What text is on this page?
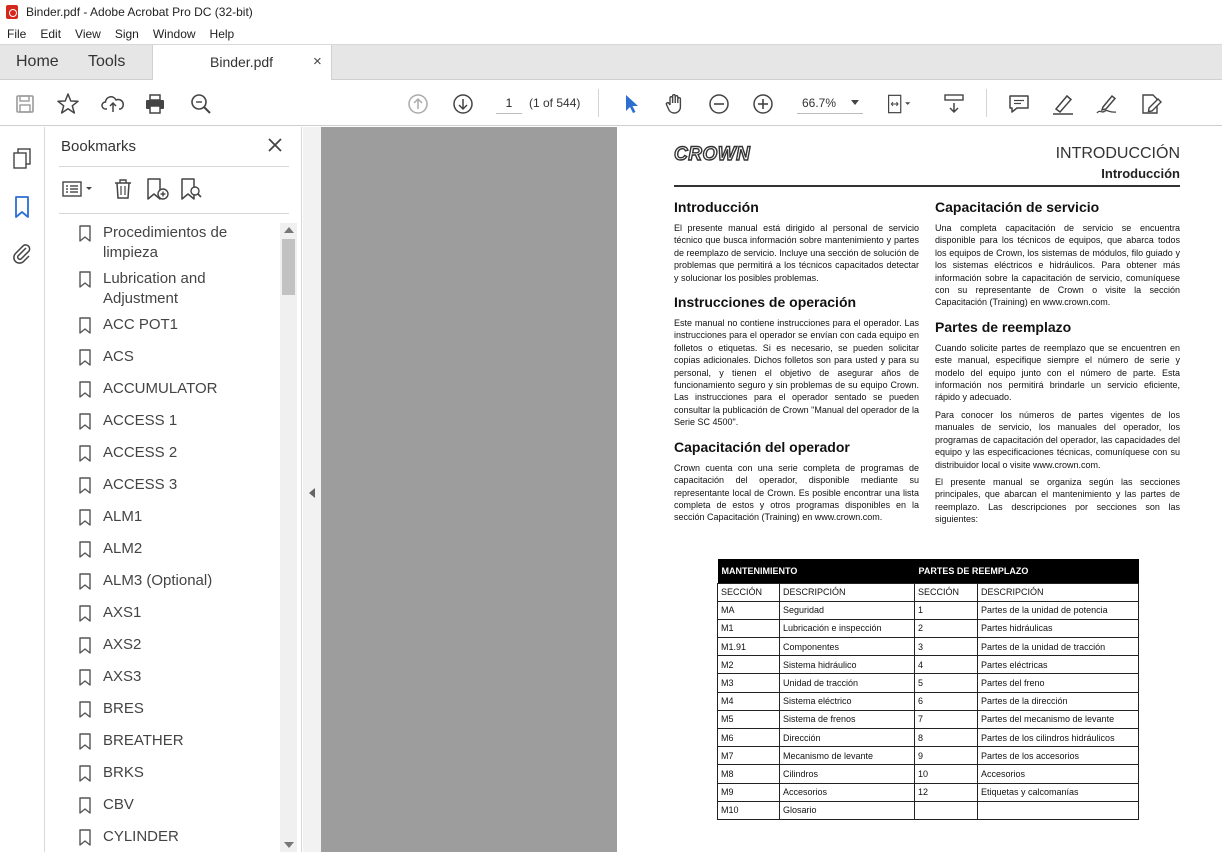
Binder.pdf - Adobe Acrobat Pro DC (32-bit)
File Edit View Sign Window Help
Home Tools	Binder.pdf	×
1
(1 of 544)	66.7%
Bookmarks
Procedimientos de limpieza
Lubrication and Adjustment
ACC POT1
ACS
ACCUMULATOR
ACCESS 1
ACCESS 2
ACCESS 3
ALM1
ALM2
ALM3 (Optional)
AXS1
AXS2
AXS3
BRES
BREATHER
BRKS
CBV
CYLINDER
CROWN	INTRODUCCIÓN
Introducción
Introducción

El presente manual está dirigido al personal de servicio técnico que busca información sobre mantenimiento y partes de reemplazo de servicio. Incluye una sección de solución de problemas que permitirá a los técnicos capacitados detectar y solucionar los posibles problemas.

Instrucciones de operación

Este manual no contiene instrucciones para el operador. Las instrucciones para el operador se envían con cada equipo en folletos o etiquetas. Si es necesario, se pueden solicitar copias adicionales. Dichos folletos son para usted y para su personal, y tienen el objetivo de asegurar años de funcionamiento seguro y sin problemas de su equipo Crown. Las instrucciones para el operador sentado se pueden consultar la publicación de Crown "Manual del operador de la Serie SC 4500".

Capacitación del operador

Crown cuenta con una serie completa de programas de capacitación del operador, disponible mediante su representante local de Crown. Es posible encontrar una lista completa de estos y otros programas disponibles en la sección Capacitación (Training) en www.crown.com.

Capacitación de servicio

Una completa capacitación de servicio se encuentra disponible para los técnicos de equipos, que abarca todos los equipos de Crown, los sistemas de módulos, filo guiado y los sistemas eléctricos e hidráulicos. Para obtener más información sobre la capacitación de servicio, comuníquese con su representante de Crown o visite la sección Capacitación (Training) en www.crown.com.

Partes de reemplazo

Cuando solicite partes de reemplazo que se encuentren en este manual, especifique siempre el número de serie y modelo del equipo junto con el número de parte. Esta información nos permitirá brindarle un servicio eficiente, rápido y adecuado.

Para conocer los números de partes vigentes de los manuales de servicio, los manuales del operador, los programas de capacitación del operador, las capacidades del equipo y las especificaciones técnicas, comuníquese con su distribuidor local o visite www.crown.com.

El presente manual se organiza según las secciones principales, que abarcan el mantenimiento y las partes de reemplazo. Las descripciones por secciones son las siguientes:

MANTENIMIENTO		PARTES DE REEMPLAZO	
SECCIÓN	DESCRIPCIÓN	SECCIÓN	DESCRIPCIÓN
MA	Seguridad	1	Partes de la unidad de potencia
M1	Lubricación e inspección	2	Partes hidráulicas
M1.91	Componentes	3	Partes de la unidad de tracción
M2	Sistema hidráulico	4	Partes eléctricas
M3	Unidad de tracción	5	Partes del freno
M4	Sistema eléctrico	6	Partes de la dirección
M5	Sistema de frenos	7	Partes del mecanismo de levante
M6	Dirección	8	Partes de los cilindros hidráulicos
M7	Mecanismo de levante	9	Partes de los accesorios
M8	Cilindros	10	Accesorios
M9	Accesorios	12	Etiquetas y calcomanías
M10	Glosario		
